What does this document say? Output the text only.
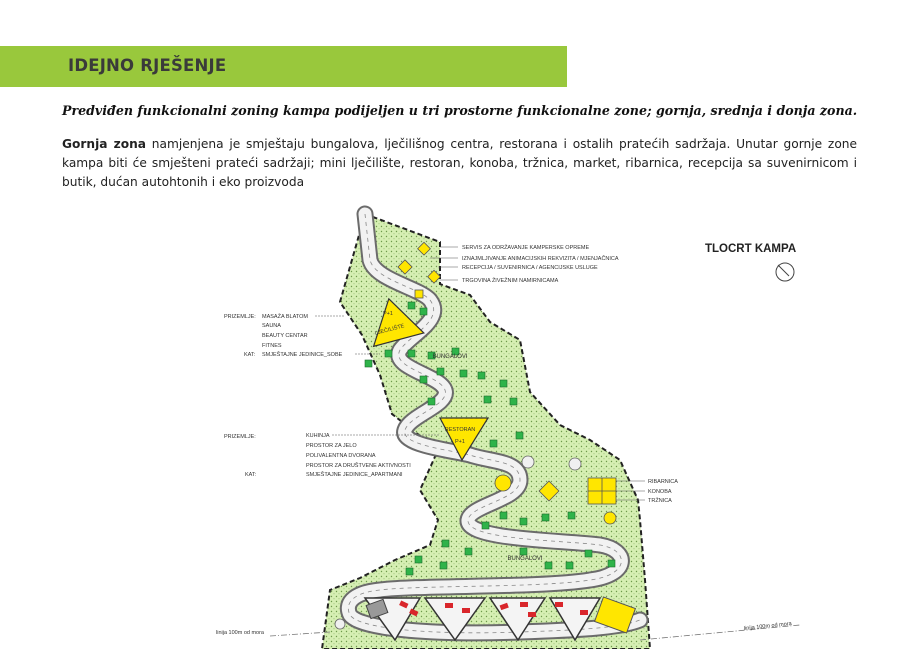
IDEJNO RJEŠENJE

Predviđen funkcionalni zoning kampa podijeljen u tri prostorne funkcionalne zone; gornja, srednja i donja zona.

Gornja zona namjenjena je smještaju bungalova, lječilišnog centra, restorana i ostalih pratećih sadržaja. Unutar gornje zone kampa biti će smješteni prateći sadržaji; mini lječilište, restoran, konoba, tržnica, market, ribarnica, recepcija sa suvenirnicom i butik, dućan autohtonih i eko proizvoda

P+1
LJEČILIŠTE
RESTORAN
P+1
BUNGALOVI
BUNGALOVI
TLOCRT KAMPA
SERVIS ZA ODRŽAVANJE KAMPERSKE OPREME
IZNAJMLJIVANJE ANIMACIJSKIH REKVIZITA / MJENJAČNICA
RECEPCIJA / SUVENIRNICA / AGENCIJSKE USLUGE
TRGOVINA ŽIVEŽNIM NAMIRNICAMA
PRIZEMLJE: MASAŽA BLATOM
SAUNA
BEAUTY CENTAR
FITNES
KAT: SMJEŠTAJNE JEDINICE_SOBE
PRIZEMLJE:	KUHINJA
PROSTOR ZA JELO
POLIVALENTNA DVORANA
PROSTOR ZA DRUŠTVENE AKTIVNOSTI
KAT:	SMJEŠTAJNE JEDINICE_APARTMANI
RIBARNICA
KONOBA
TRŽNICA
linija 100m od mora
linija 100m od mora
